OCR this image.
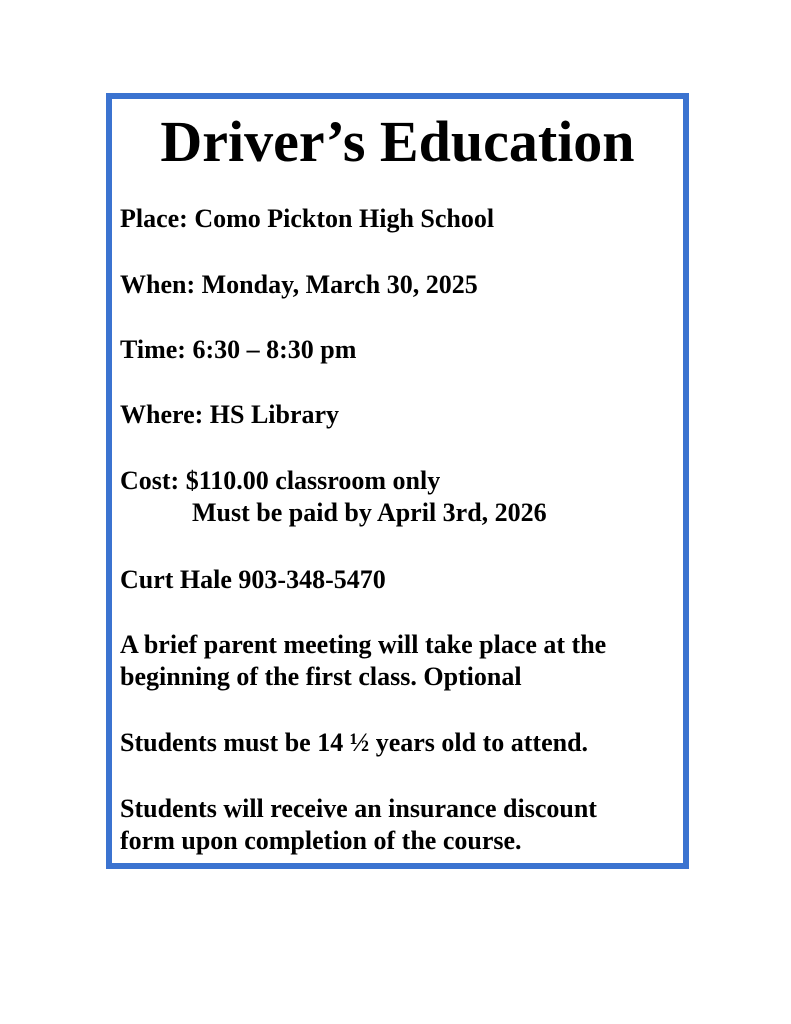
Driver’s Education

Place: Como Pickton High School

When: Monday, March 30, 2025

Time: 6:30 – 8:30 pm

Where: HS Library

Cost: $110.00 classroom only
Must be paid by April 3rd, 2026

Curt Hale 903-348-5470

A brief parent meeting will take place at the
beginning of the first class. Optional

Students must be 14 ½ years old to attend.

Students will receive an insurance discount
form upon completion of the course.
